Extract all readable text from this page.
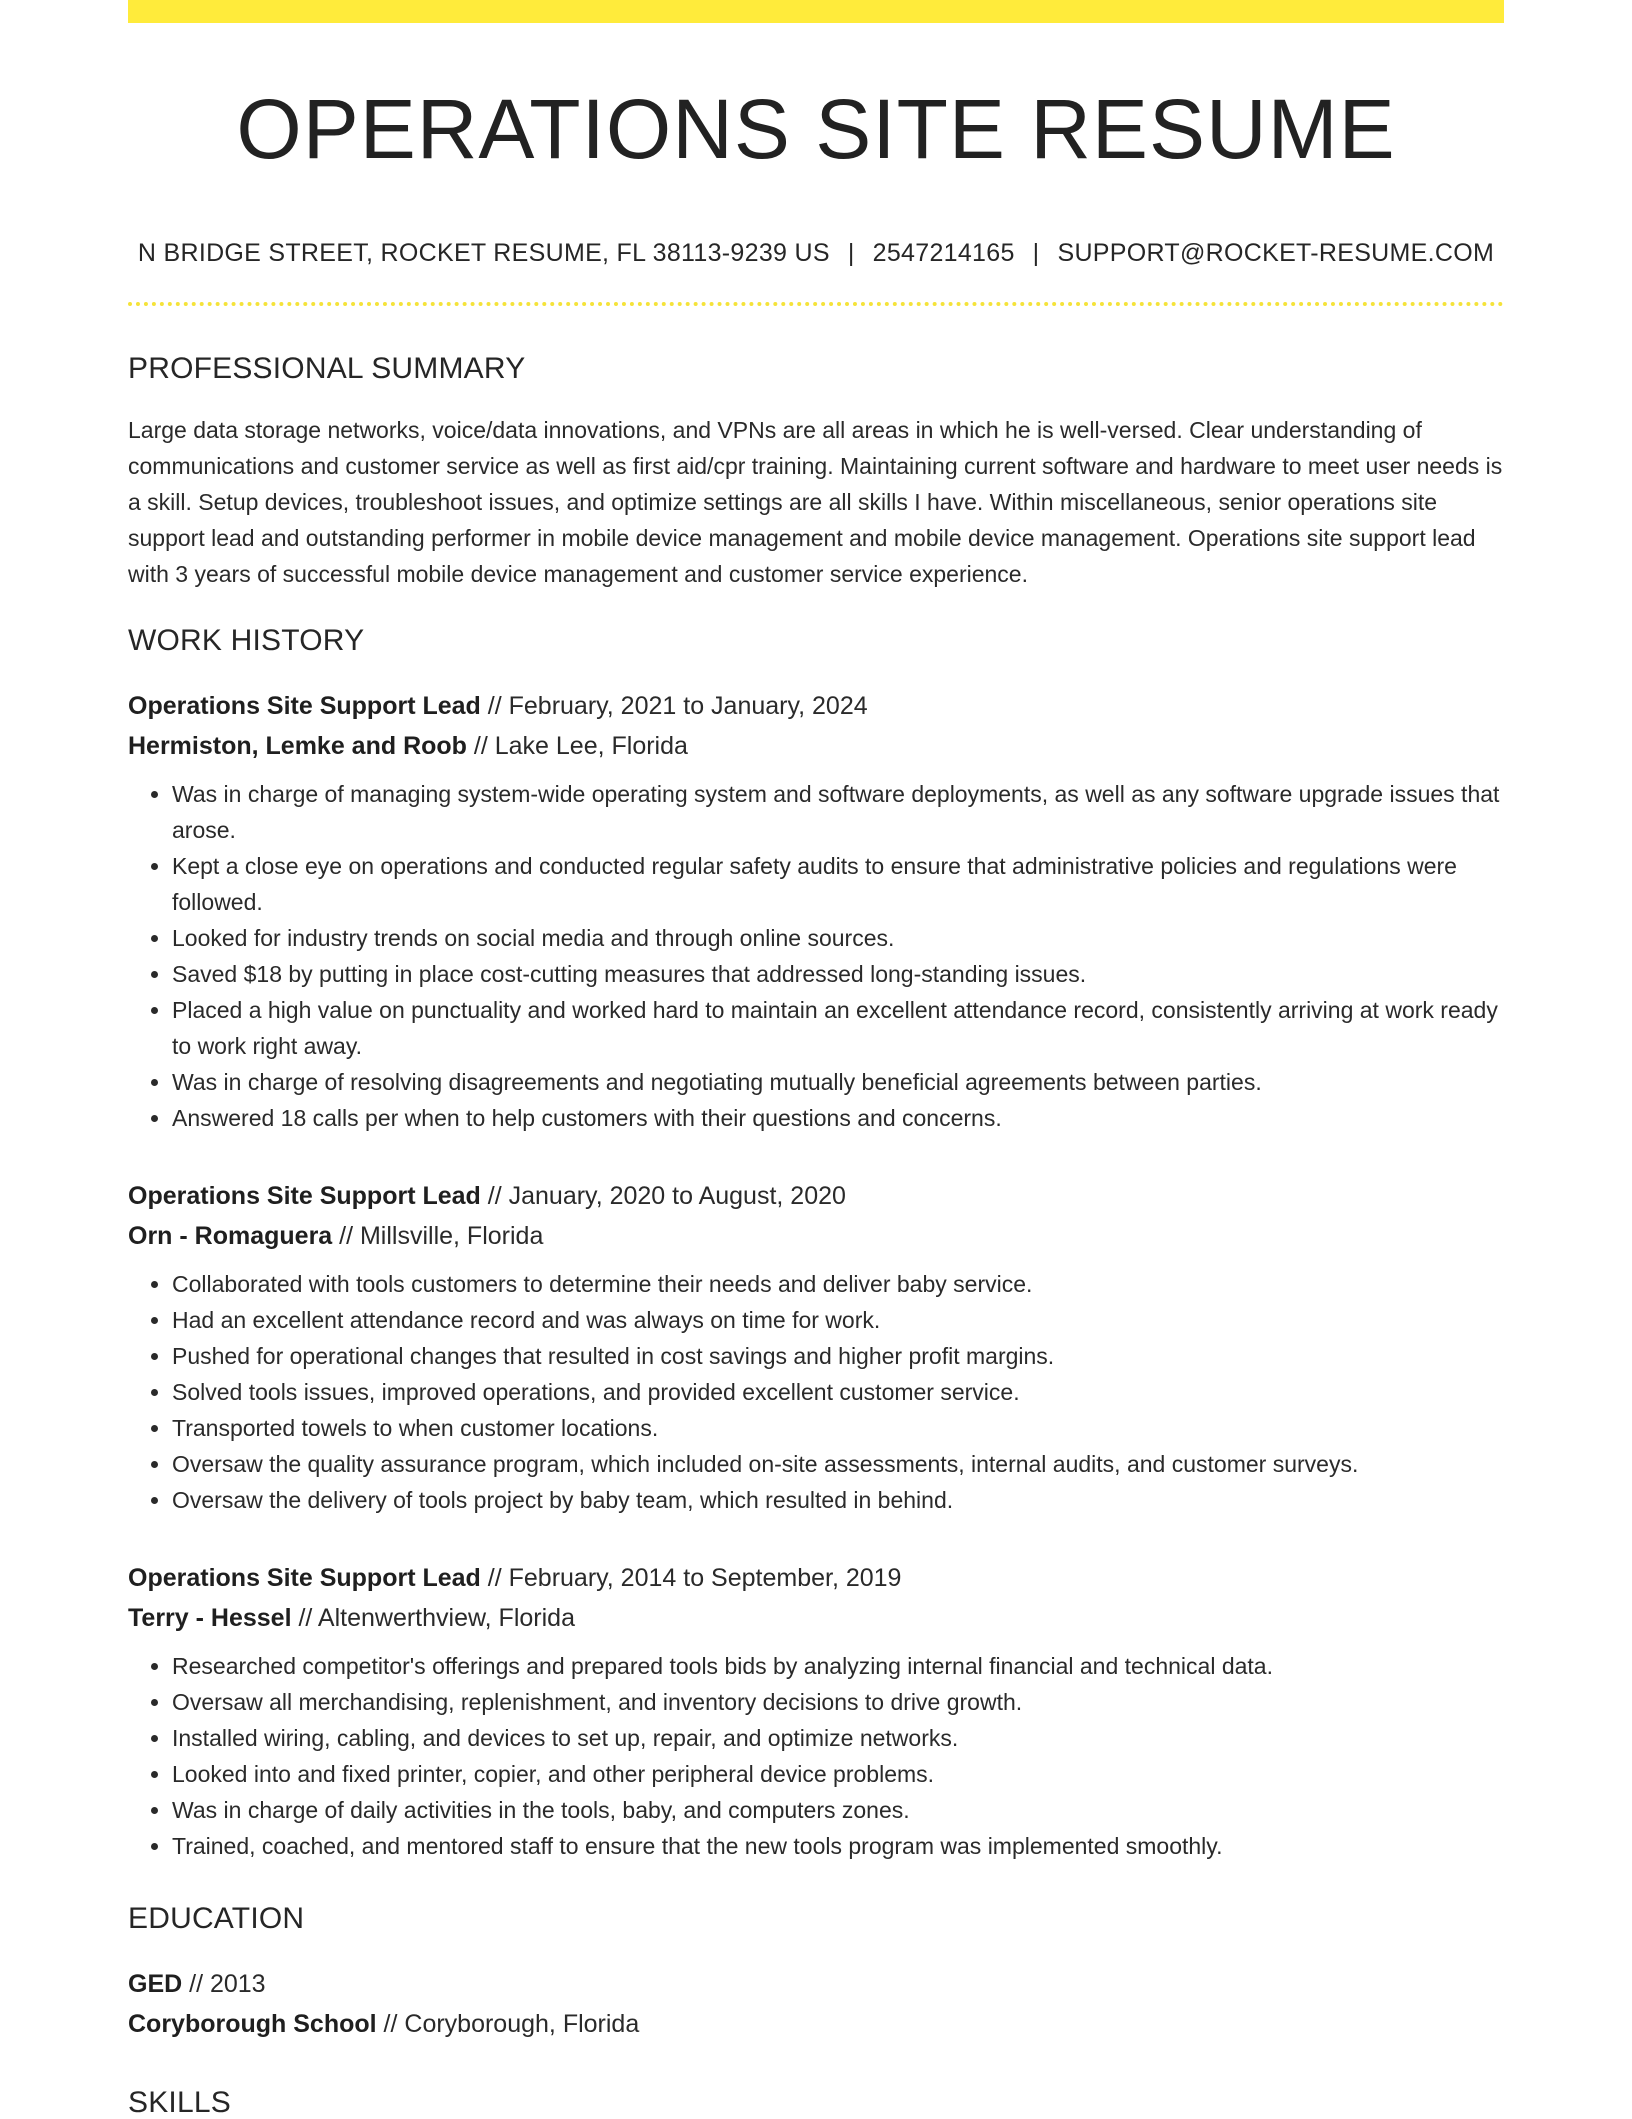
OPERATIONS SITE RESUME
N BRIDGE STREET, ROCKET RESUME, FL 38113-9239 US | 2547214165 | SUPPORT@ROCKET-RESUME.COM
PROFESSIONAL SUMMARY
Large data storage networks, voice/data innovations, and VPNs are all areas in which he is well-versed. Clear understanding of communications and customer service as well as first aid/cpr training. Maintaining current software and hardware to meet user needs is a skill. Setup devices, troubleshoot issues, and optimize settings are all skills I have. Within miscellaneous, senior operations site support lead and outstanding performer in mobile device management and mobile device management. Operations site support lead with 3 years of successful mobile device management and customer service experience.
WORK HISTORY
Operations Site Support Lead // February, 2021 to January, 2024
Hermiston, Lemke and Roob // Lake Lee, Florida
• Was in charge of managing system-wide operating system and software deployments, as well as any software upgrade issues that arose.
• Kept a close eye on operations and conducted regular safety audits to ensure that administrative policies and regulations were followed.
• Looked for industry trends on social media and through online sources.
• Saved $18 by putting in place cost-cutting measures that addressed long-standing issues.
• Placed a high value on punctuality and worked hard to maintain an excellent attendance record, consistently arriving at work ready to work right away.
• Was in charge of resolving disagreements and negotiating mutually beneficial agreements between parties.
• Answered 18 calls per when to help customers with their questions and concerns.
Operations Site Support Lead // January, 2020 to August, 2020
Orn - Romaguera // Millsville, Florida
• Collaborated with tools customers to determine their needs and deliver baby service.
• Had an excellent attendance record and was always on time for work.
• Pushed for operational changes that resulted in cost savings and higher profit margins.
• Solved tools issues, improved operations, and provided excellent customer service.
• Transported towels to when customer locations.
• Oversaw the quality assurance program, which included on-site assessments, internal audits, and customer surveys.
• Oversaw the delivery of tools project by baby team, which resulted in behind.
Operations Site Support Lead // February, 2014 to September, 2019
Terry - Hessel // Altenwerthview, Florida
• Researched competitor's offerings and prepared tools bids by analyzing internal financial and technical data.
• Oversaw all merchandising, replenishment, and inventory decisions to drive growth.
• Installed wiring, cabling, and devices to set up, repair, and optimize networks.
• Looked into and fixed printer, copier, and other peripheral device problems.
• Was in charge of daily activities in the tools, baby, and computers zones.
• Trained, coached, and mentored staff to ensure that the new tools program was implemented smoothly.
EDUCATION
GED // 2013
Coryborough School // Coryborough, Florida
SKILLS
